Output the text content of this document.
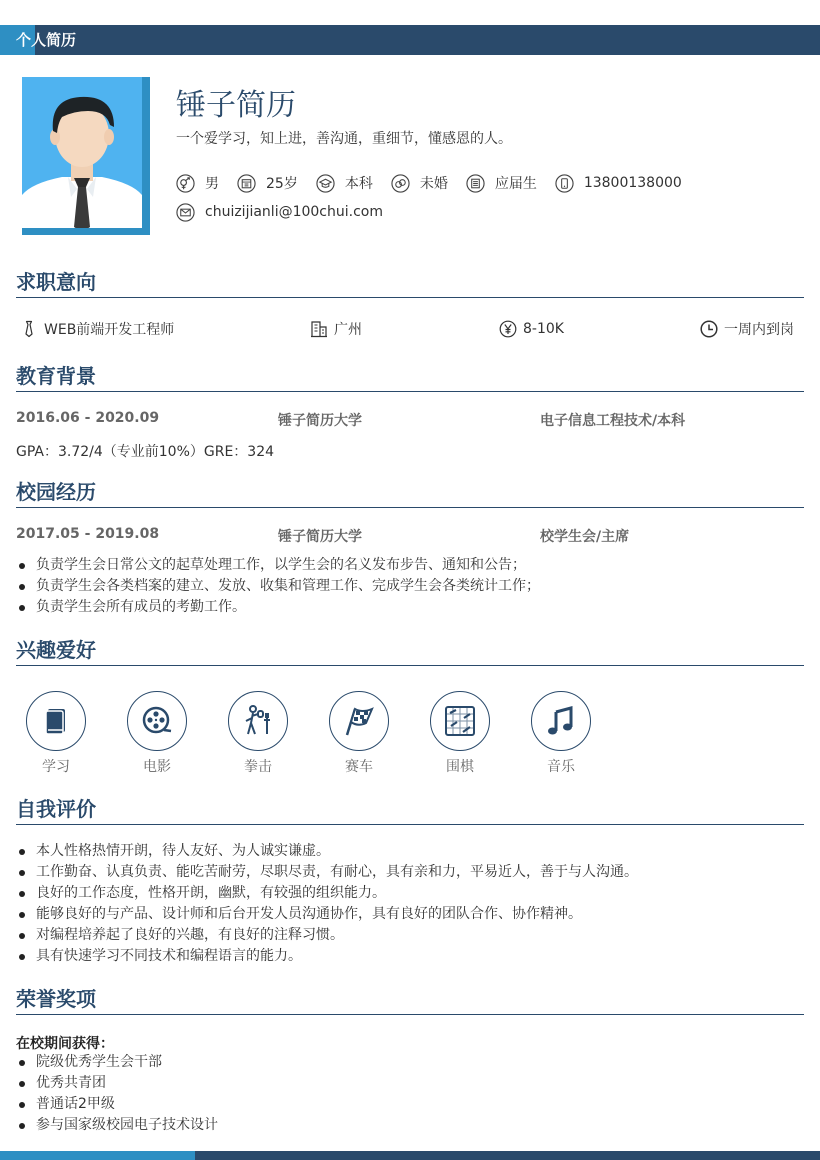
个人简历
锤子简历
一个爱学习，知上进，善沟通，重细节，懂感恩的人。
男	25岁	本科	未婚	应届生	13800138000
chuizijianli@100chui.com
求职意向
WEB前端开发工程师	广州	8-10K	一周内到岗
教育背景
2016.06 - 2020.09	锤子简历大学	电子信息工程技术/本科
GPA：3.72/4（专业前10%）GRE：324
校园经历
2017.05 - 2019.08	锤子简历大学	校学生会/主席
负责学生会日常公文的起草处理工作，以学生会的名义发布步告、通知和公告；
负责学生会各类档案的建立、发放、收集和管理工作、完成学生会各类统计工作；
负责学生会所有成员的考勤工作。
兴趣爱好
学习	电影	拳击	赛车	围棋	音乐
自我评价
本人性格热情开朗，待人友好、为人诚实谦虚。
工作勤奋、认真负责、能吃苦耐劳，尽职尽责，有耐心，具有亲和力，平易近人，善于与人沟通。
良好的工作态度，性格开朗，幽默，有较强的组织能力。
能够良好的与产品、设计师和后台开发人员沟通协作，具有良好的团队合作、协作精神。
对编程培养起了良好的兴趣，有良好的注释习惯。
具有快速学习不同技术和编程语言的能力。
荣誉奖项
在校期间获得：
院级优秀学生会干部
优秀共青团
普通话2甲级
参与国家级校园电子技术设计
